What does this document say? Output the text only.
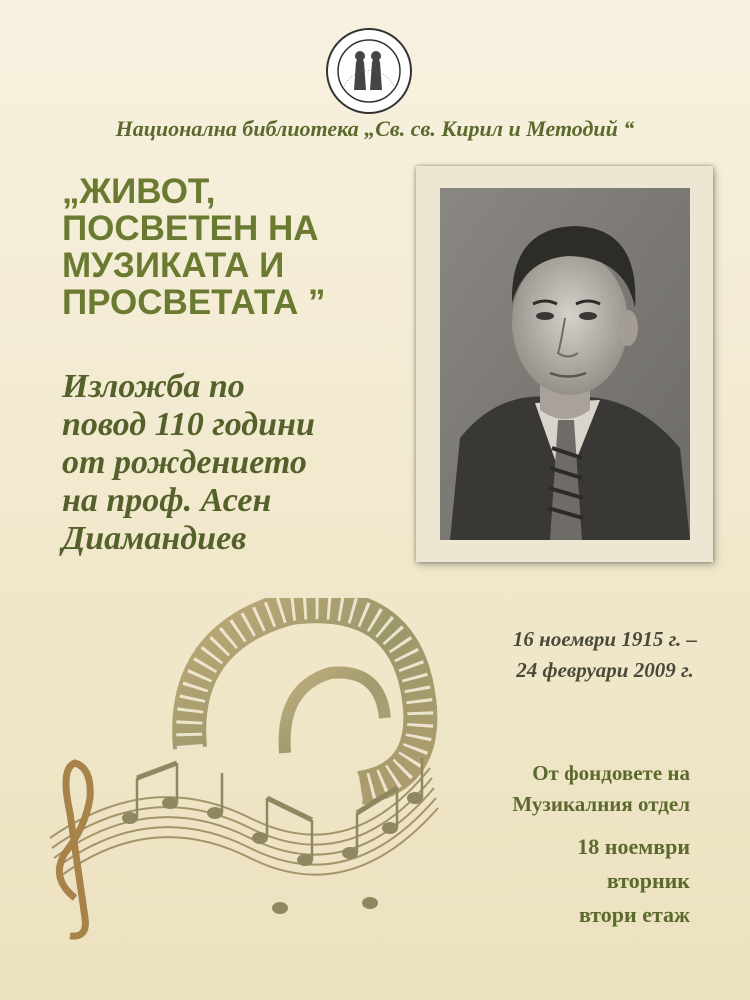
Национална библиотека „Св. св. Кирил и Методий “
„ЖИВОТ,
ПОСВЕТЕН НА
МУЗИКАТА И
ПРОСВЕТАТА ”
Изложба по
повод 110 години
от рождението
на проф. Асен
Диамандиев
16 ноември 1915 г. –
24 февруари 2009 г.
От фондовете на
Музикалния отдел
18 ноември
вторник
втори етаж
